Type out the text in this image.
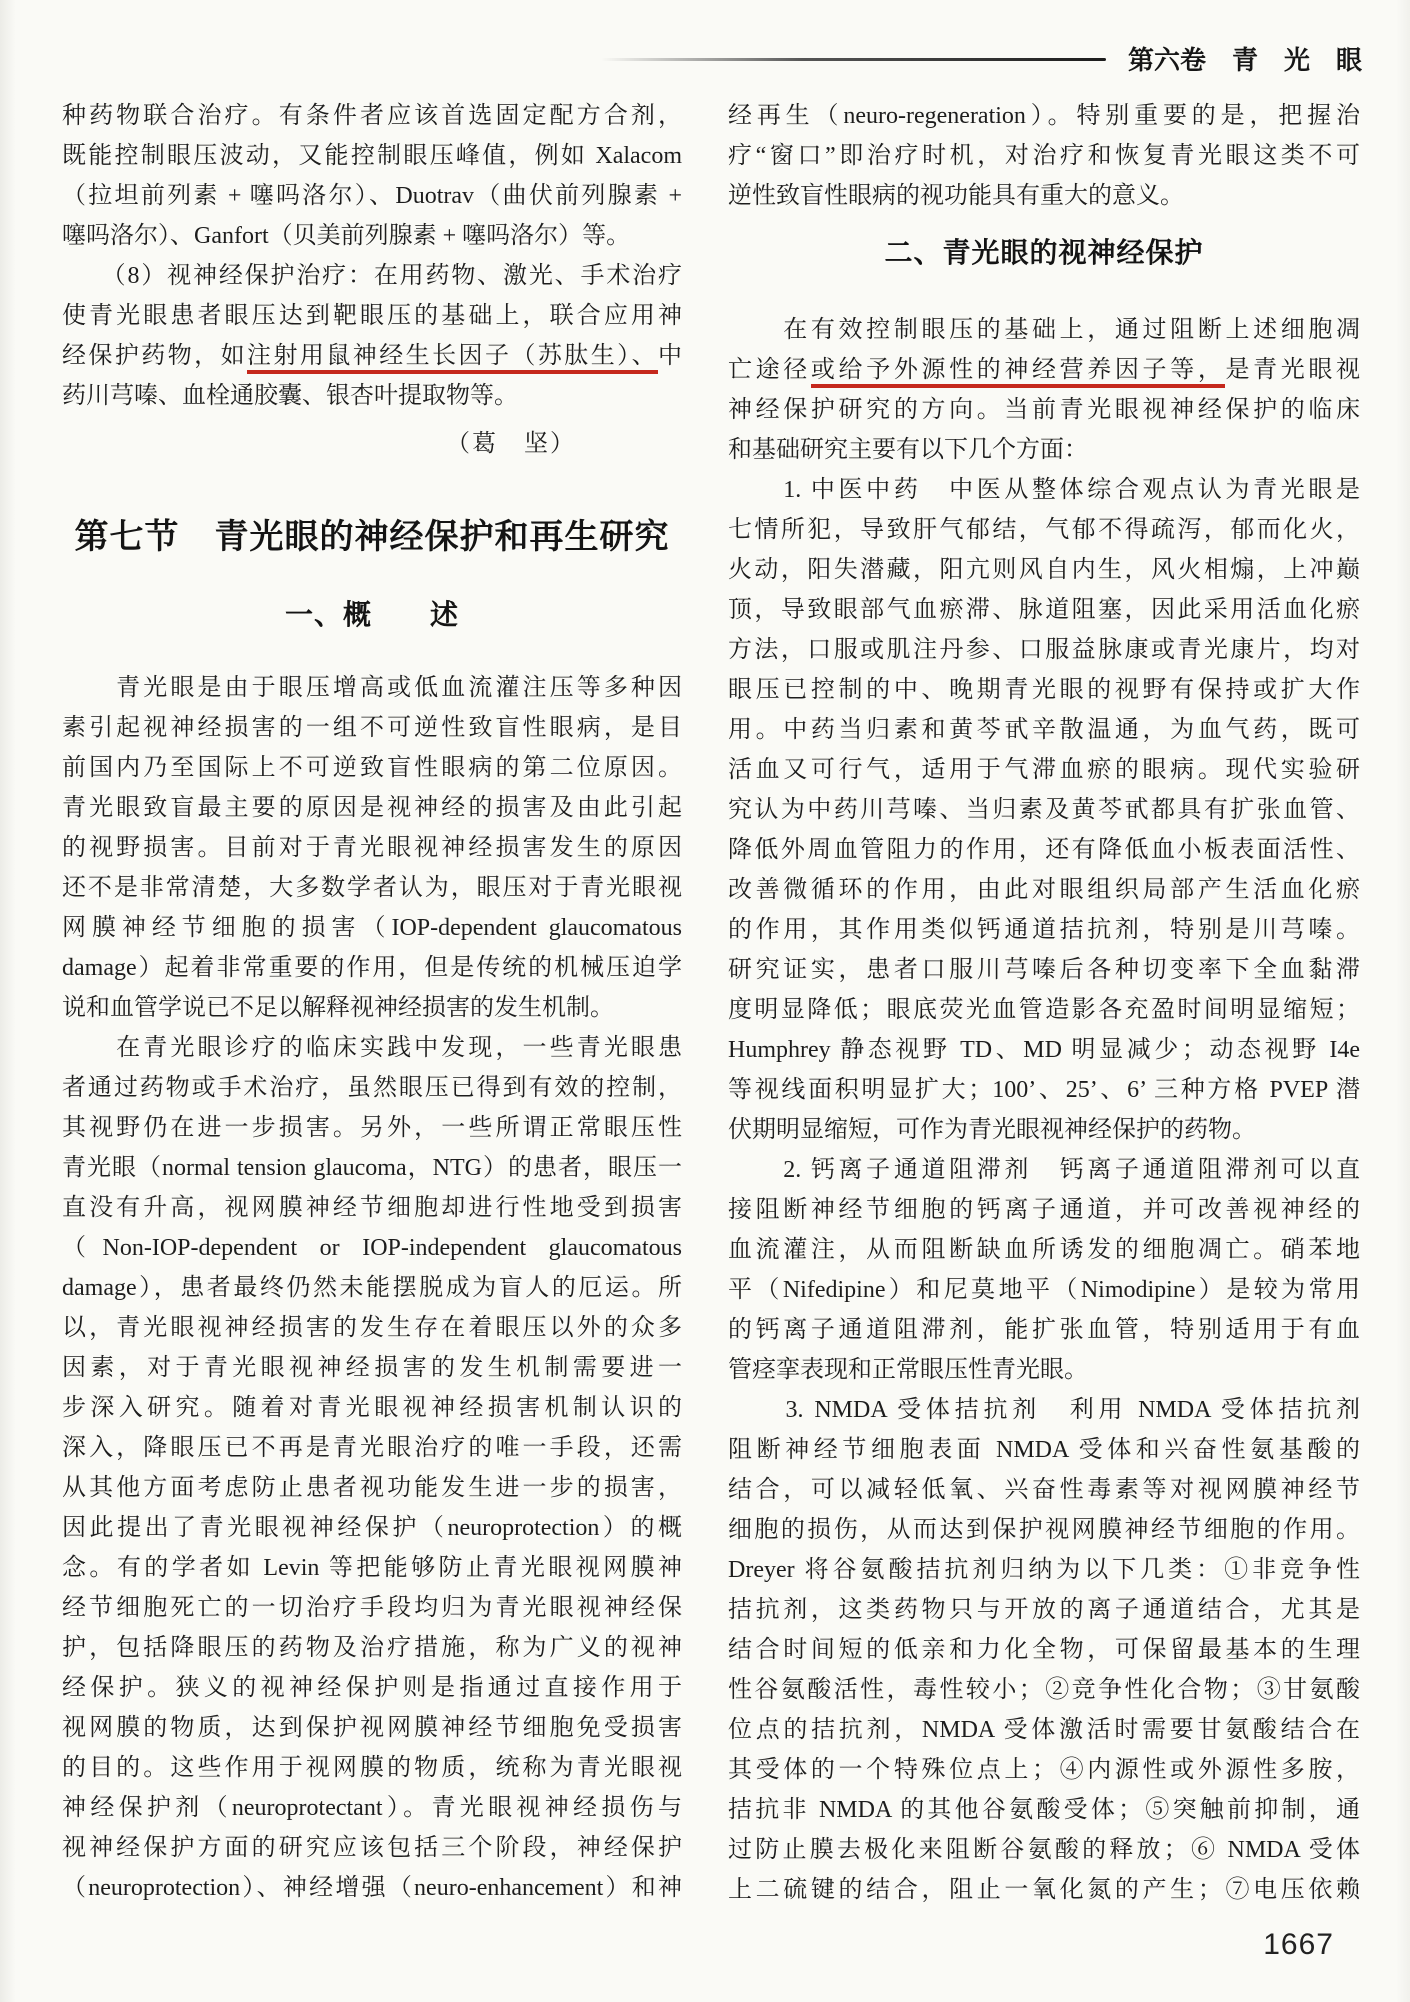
第六卷　青　光　眼
种药物联合治疗。有条件者应该首选固定配方合剂，
既能控制眼压波动，又能控制眼压峰值，例如 Xalacom
（拉坦前列素 + 噻吗洛尔）、Duotrav（曲伏前列腺素 +
噻吗洛尔）、Ganfort（贝美前列腺素 + 噻吗洛尔）等。
　　（8）视神经保护治疗：在用药物、激光、手术治疗
使青光眼患者眼压达到靶眼压的基础上，联合应用神
经保护药物，如注射用鼠神经生长因子（苏肽生）、中
药川芎嗪、血栓通胶囊、银杏叶提取物等。
（葛　坚）
第七节　青光眼的神经保护和再生研究
一、概　　述
　　青光眼是由于眼压增高或低血流灌注压等多种因
素引起视神经损害的一组不可逆性致盲性眼病，是目
前国内乃至国际上不可逆致盲性眼病的第二位原因。
青光眼致盲最主要的原因是视神经的损害及由此引起
的视野损害。目前对于青光眼视神经损害发生的原因
还不是非常清楚，大多数学者认为，眼压对于青光眼视
网膜神经节细胞的损害（IOP-dependent glaucomatous
damage）起着非常重要的作用，但是传统的机械压迫学
说和血管学说已不足以解释视神经损害的发生机制。
　　在青光眼诊疗的临床实践中发现，一些青光眼患
者通过药物或手术治疗，虽然眼压已得到有效的控制，
其视野仍在进一步损害。另外，一些所谓正常眼压性
青光眼（normal tension glaucoma，NTG）的患者，眼压一
直没有升高，视网膜神经节细胞却进行性地受到损害
（Non-IOP-dependent or IOP-independent glaucomatous
damage），患者最终仍然未能摆脱成为盲人的厄运。所
以，青光眼视神经损害的发生存在着眼压以外的众多
因素，对于青光眼视神经损害的发生机制需要进一
步深入研究。随着对青光眼视神经损害机制认识的
深入，降眼压已不再是青光眼治疗的唯一手段，还需
从其他方面考虑防止患者视功能发生进一步的损害，
因此提出了青光眼视神经保护（neuroprotection）的概
念。有的学者如 Levin 等把能够防止青光眼视网膜神
经节细胞死亡的一切治疗手段均归为青光眼视神经保
护，包括降眼压的药物及治疗措施，称为广义的视神
经保护。狭义的视神经保护则是指通过直接作用于
视网膜的物质，达到保护视网膜神经节细胞免受损害
的目的。这些作用于视网膜的物质，统称为青光眼视
神经保护剂（neuroprotectant）。青光眼视神经损伤与
视神经保护方面的研究应该包括三个阶段，神经保护
（neuroprotection）、神经增强（neuro-enhancement）和神
经再生（neuro-regeneration）。特别重要的是，把握治
疗“窗口”即治疗时机，对治疗和恢复青光眼这类不可
逆性致盲性眼病的视功能具有重大的意义。
二、青光眼的视神经保护
　　在有效控制眼压的基础上，通过阻断上述细胞凋
亡途径或给予外源性的神经营养因子等，是青光眼视
神经保护研究的方向。当前青光眼视神经保护的临床
和基础研究主要有以下几个方面：
　　1. 中医中药　中医从整体综合观点认为青光眼是
七情所犯，导致肝气郁结，气郁不得疏泻，郁而化火，
火动，阳失潜藏，阳亢则风自内生，风火相煽，上冲巅
顶，导致眼部气血瘀滞、脉道阻塞，因此采用活血化瘀
方法，口服或肌注丹参、口服益脉康或青光康片，均对
眼压已控制的中、晚期青光眼的视野有保持或扩大作
用。中药当归素和黄芩甙辛散温通，为血气药，既可
活血又可行气，适用于气滞血瘀的眼病。现代实验研
究认为中药川芎嗪、当归素及黄芩甙都具有扩张血管、
降低外周血管阻力的作用，还有降低血小板表面活性、
改善微循环的作用，由此对眼组织局部产生活血化瘀
的作用，其作用类似钙通道拮抗剂，特别是川芎嗪。
研究证实，患者口服川芎嗪后各种切变率下全血黏滞
度明显降低；眼底荧光血管造影各充盈时间明显缩短；
Humphrey 静态视野 TD、MD 明显减少；动态视野 I4e
等视线面积明显扩大；100’、25’、6’ 三种方格 PVEP 潜
伏期明显缩短，可作为青光眼视神经保护的药物。
　　2. 钙离子通道阻滞剂　钙离子通道阻滞剂可以直
接阻断神经节细胞的钙离子通道，并可改善视神经的
血流灌注，从而阻断缺血所诱发的细胞凋亡。硝苯地
平（Nifedipine）和尼莫地平（Nimodipine）是较为常用
的钙离子通道阻滞剂，能扩张血管，特别适用于有血
管痉挛表现和正常眼压性青光眼。
　　3. NMDA 受体拮抗剂　利用 NMDA 受体拮抗剂
阻断神经节细胞表面 NMDA 受体和兴奋性氨基酸的
结合，可以减轻低氧、兴奋性毒素等对视网膜神经节
细胞的损伤，从而达到保护视网膜神经节细胞的作用。
Dreyer 将谷氨酸拮抗剂归纳为以下几类：①非竞争性
拮抗剂，这类药物只与开放的离子通道结合，尤其是
结合时间短的低亲和力化全物，可保留最基本的生理
性谷氨酸活性，毒性较小；②竞争性化合物；③甘氨酸
位点的拮抗剂，NMDA 受体激活时需要甘氨酸结合在
其受体的一个特殊位点上；④内源性或外源性多胺，
拮抗非 NMDA 的其他谷氨酸受体；⑤突触前抑制，通
过防止膜去极化来阻断谷氨酸的释放；⑥ NMDA 受体
上二硫键的结合，阻止一氧化氮的产生；⑦电压依赖
1667
